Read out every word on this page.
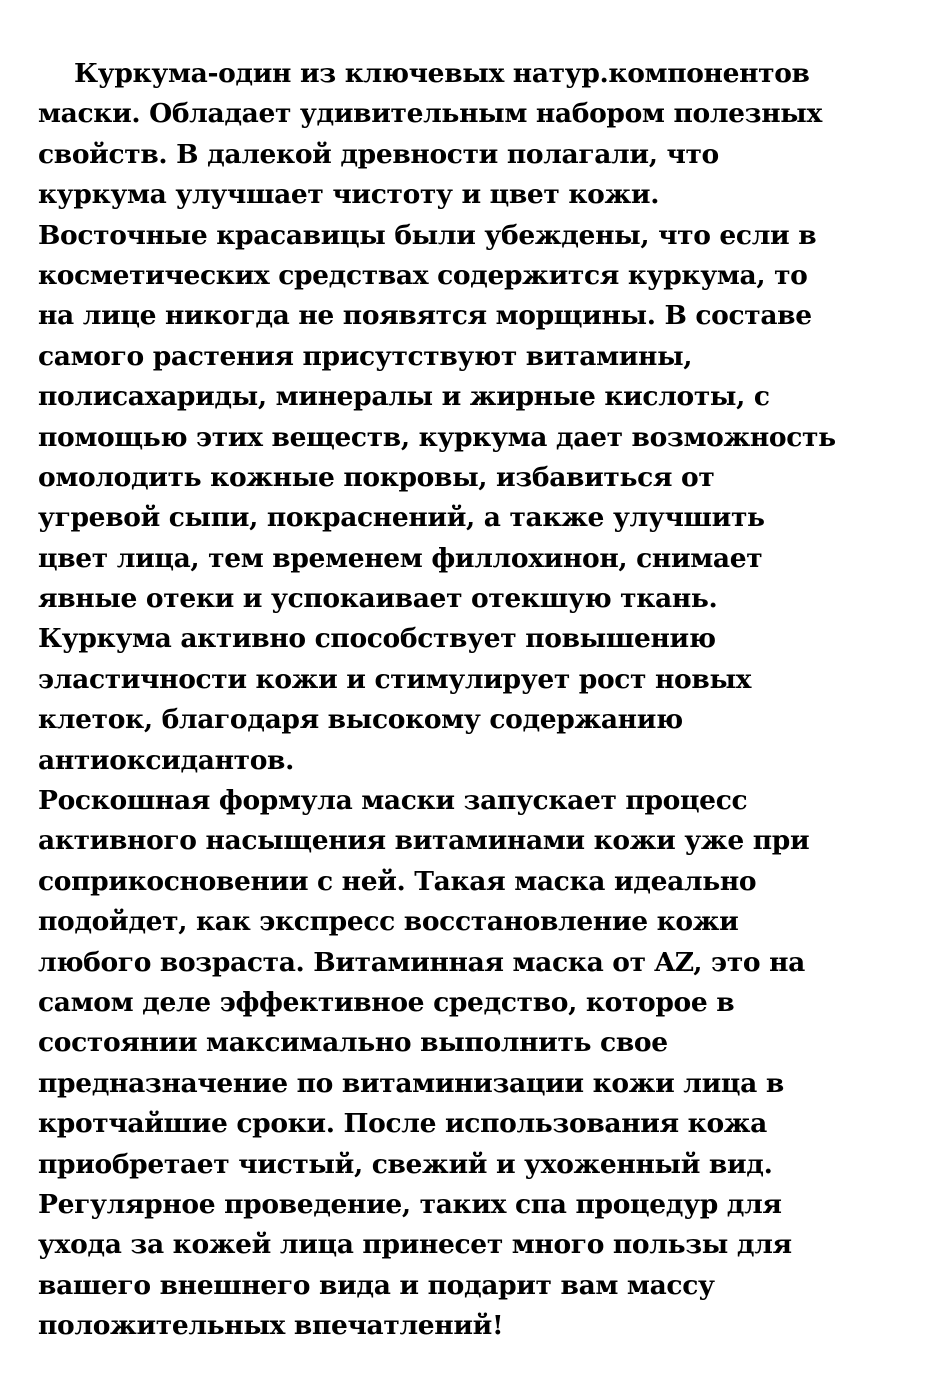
Куркума-один из ключевых натур.компонентов
маски. Обладает удивительным набором полезных
свойств. В далекой древности полагали, что
куркума улучшает чистоту и цвет кожи.
Восточные красавицы были убеждены, что если в
косметических средствах содержится куркума, то
на лице никогда не появятся морщины. В составе
самого растения присутствуют витамины,
полисахариды, минералы и жирные кислоты, с
помощью этих веществ, куркума дает возможность
омолодить кожные покровы, избавиться от
угревой сыпи, покраснений, а также улучшить
цвет лица, тем временем филлохинон, снимает
явные отеки и успокаивает отекшую ткань.
Куркума активно способствует повышению
эластичности кожи и стимулирует рост новых
клеток, благодаря высокому содержанию
антиоксидантов.
Роскошная формула маски запускает процесс
активного насыщения витаминами кожи уже при
соприкосновении с ней. Такая маска идеально
подойдет, как экспресс восстановление кожи
любого возраста. Витаминная маска от AZ, это на
самом деле эффективное средство, которое в
состоянии максимально выполнить свое
предназначение по витаминизации кожи лица в
кротчайшие сроки. После использования кожа
приобретает чистый, свежий и ухоженный вид.
Регулярное проведение, таких спа процедур для
ухода за кожей лица принесет много пользы для
вашего внешнего вида и подарит вам массу
положительных впечатлений!
